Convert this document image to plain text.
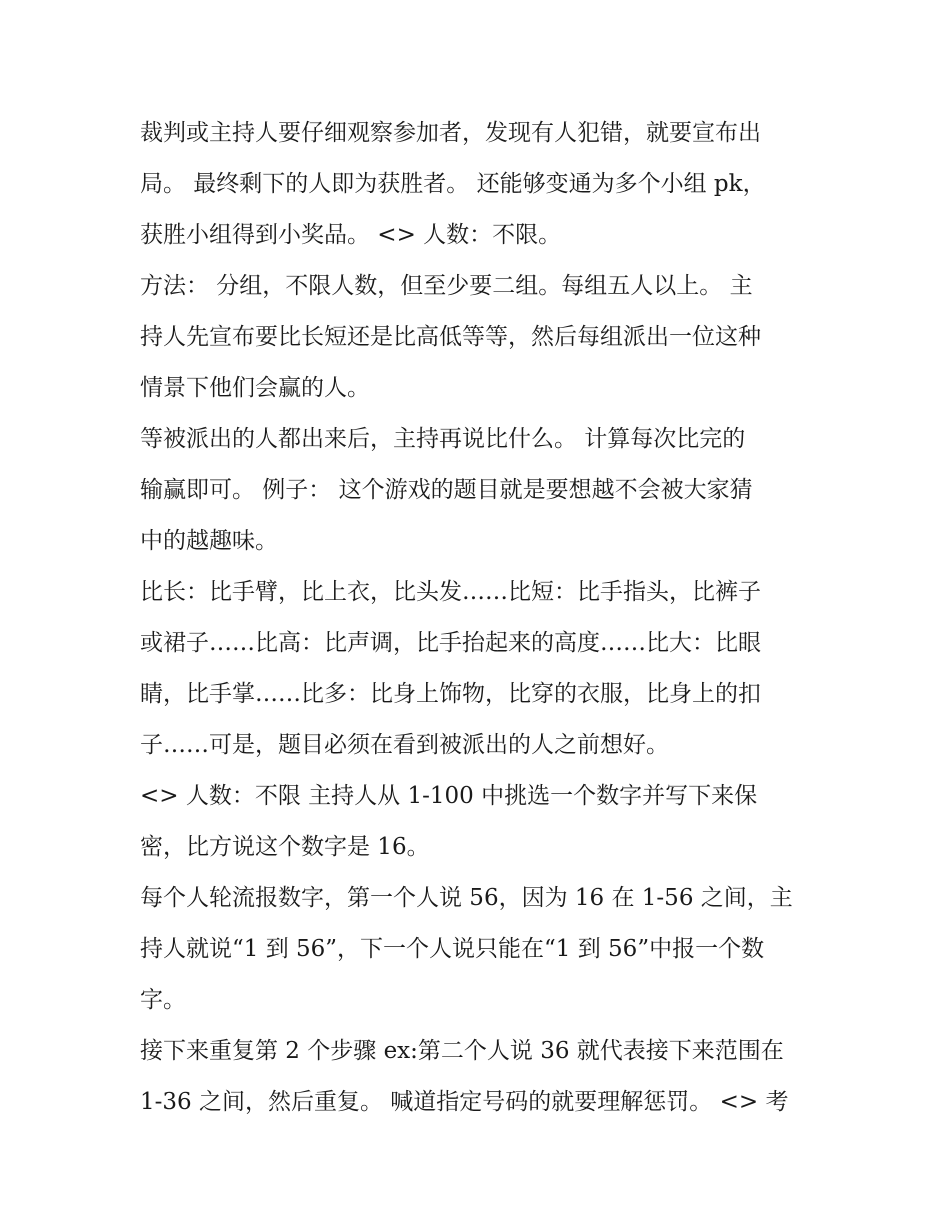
裁判或主持人要仔细观察参加者，发现有人犯错，就要宣布出
局。 最终剩下的人即为获胜者。 还能够变通为多个小组 pk，
获胜小组得到小奖品。 <> 人数：不限。
方法： 分组，不限人数，但至少要二组。每组五人以上。 主
持人先宣布要比长短还是比高低等等，然后每组派出一位这种
情景下他们会赢的人。
等被派出的人都出来后，主持再说比什么。 计算每次比完的
输赢即可。 例子： 这个游戏的题目就是要想越不会被大家猜
中的越趣味。
比长：比手臂，比上衣，比头发……比短：比手指头，比裤子
或裙子……比高：比声调，比手抬起来的高度……比大：比眼
睛，比手掌……比多：比身上饰物，比穿的衣服，比身上的扣
子……可是，题目必须在看到被派出的人之前想好。
<> 人数：不限 主持人从 1-100 中挑选一个数字并写下来保
密，比方说这个数字是 16。
每个人轮流报数字，第一个人说 56，因为 16 在 1-56 之间，主
持人就说“1 到 56”，下一个人说只能在“1 到 56”中报一个数
字。
接下来重复第 2 个步骤 ex:第二个人说 36 就代表接下来范围在
1-36 之间，然后重复。 喊道指定号码的就要理解惩罚。 <> 考
